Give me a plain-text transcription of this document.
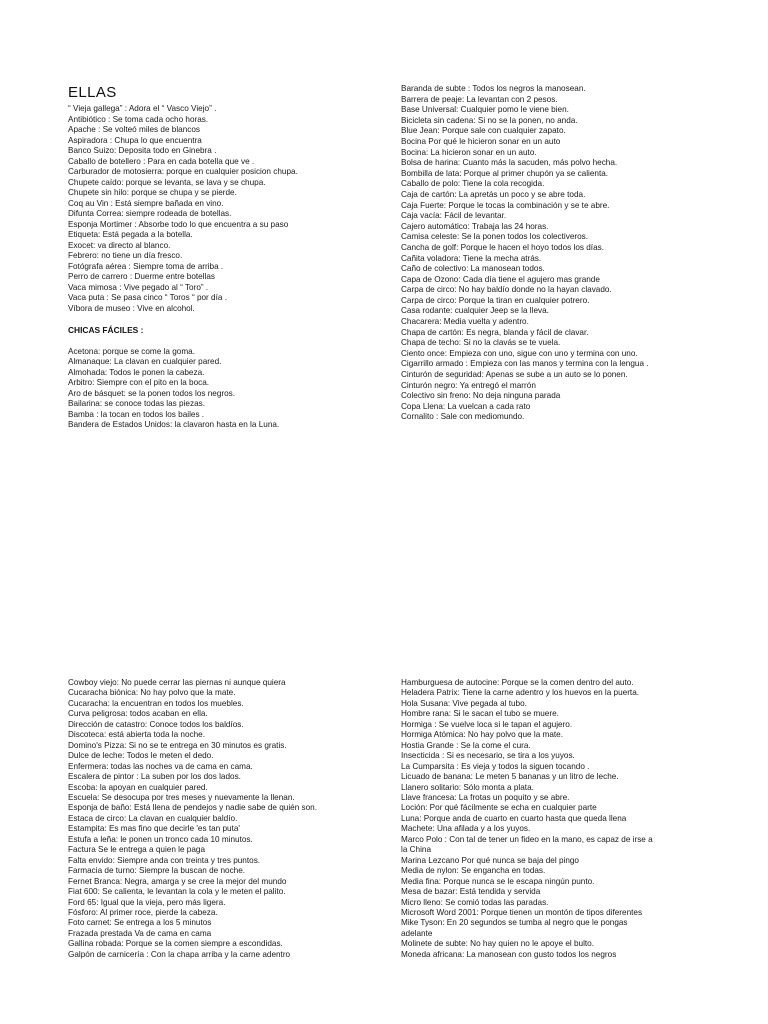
ELLAS
“ Vieja gallega” : Adora el “ Vasco Viejo” .
Antibiótico : Se toma cada ocho horas.
Apache : Se volteó miles de blancos
Aspiradora : Chupa lo que encuentra
Banco Suizo: Deposita todo en Ginebra .
Caballo de botellero : Para en cada botella que ve .
Carburador de motosierra: porque en cualquier posicion chupa.
Chupete caído: porque se levanta, se lava y se chupa.
Chupete sin hilo: porque se chupa y se pierde.
Coq au Vin : Está siempre bañada en vino.
Difunta Correa: siempre rodeada de botellas.
Esponja Mortimer : Absorbe todo lo que encuentra a su paso
Etiqueta: Está pegada a la botella.
Exocet: va directo al blanco.
Febrero: no tiene un día fresco.
Fotógrafa aérea : Siempre toma de arriba .
Perro de carrero : Duerme entre botellas
Vaca mimosa : Vive pegado al “ Toro” .
Vaca puta : Se pasa cinco “ Toros “ por día .
Víbora de museo : Vive en alcohol.
CHICAS FÁCILES :
Acetona: porque se come la goma.
Almanaque: La clavan en cualquier pared.
Almohada: Todos le ponen la cabeza.
Arbitro: Siempre con el pito en la boca.
Aro de básquet: se la ponen todos los negros.
Bailarina: se conoce todas las piezas.
Bamba : la tocan en todos los bailes .
Bandera de Estados Unidos: la clavaron hasta en la Luna.
Baranda de subte : Todos los negros la manosean.
Barrera de peaje: La levantan con 2 pesos.
Base Universal: Cualquier pomo le viene bien.
Bicicleta sin cadena: Si no se la ponen, no anda.
Blue Jean: Porque sale con cualquier zapato.
Bocina Por qué le hicieron sonar en un auto
Bocina: La hicieron sonar en un auto.
Bolsa de harina: Cuanto más la sacuden, más polvo hecha.
Bombilla de lata: Porque al primer chupón ya se calienta.
Caballo de polo: Tiene la cola recogida.
Caja de cartón: La apretás un poco y se abre toda.
Caja Fuerte: Porque le tocas la combinación y se te abre.
Caja vacía: Fácil de levantar.
Cajero automático: Trabaja las 24 horas.
Camisa celeste: Se la ponen todos los colectiveros.
Cancha de golf: Porque le hacen el hoyo todos los días.
Cañita voladora: Tiene la mecha atrás.
Caño de colectivo: La manosean todos.
Capa de Ozono: Cada día tiene el agujero mas grande
Carpa de circo: No hay baldío donde no la hayan clavado.
Carpa de circo: Porque la tiran en cualquier potrero.
Casa rodante: cualquier Jeep se la lleva.
Chacarera: Media vuelta y adentro.
Chapa de cartón: Es negra, blanda y fácil de clavar.
Chapa de techo: Si no la clavás se te vuela.
Ciento once: Empieza con uno, sigue con uno y termina con uno.
Cigarrillo armado : Empieza con las manos y termina con la lengua .
Cinturón de seguridad: Apenas se sube a un auto se lo ponen.
Cinturón negro: Ya entregó el marrón
Colectivo sin freno: No deja ninguna parada
Copa Llena: La vuelcan a cada rato
Cornalito : Sale con mediomundo.
Cowboy viejo: No puede cerrar las piernas ni aunque quiera
Cucaracha biónica: No hay polvo que la mate.
Cucaracha: la encuentran en todos los muebles.
Curva peligrosa: todos acaban en ella.
Dirección de catastro: Conoce todos los baldíos.
Discoteca: está abierta toda la noche.
Domino's Pizza: Si no se te entrega en 30 minutos es gratis.
Dulce de leche: Todos le meten el dedo.
Enfermera: todas las noches va de cama en cama.
Escalera de pintor : La suben por los dos lados.
Escoba: la apoyan en cualquier pared.
Escuela: Se desocupa por tres meses y nuevamente la llenan.
Esponja de baño: Está llena de pendejos y nadie sabe de quién son.
Estaca de circo: La clavan en cualquier baldío.
Estampita: Es mas fino que decirle 'es tan puta'
Estufa a leña: le ponen un tronco cada 10 minutos.
Factura Se le entrega a quien le paga
Falta envido: Siempre anda con treinta y tres puntos.
Farmacia de turno: Siempre la buscan de noche.
Fernet Branca: Negra, amarga y se cree la mejor del mundo
Fiat 600: Se calienta, le levantan la cola y le meten el palito.
Ford 65: Igual que la vieja, pero más ligera.
Fósforo: Al primer roce, pierde la cabeza.
Foto carnet: Se entrega a los 5 minutos
Frazada prestada Va de cama en cama
Gallina robada: Porque se la comen siempre a escondidas.
Galpón de carnicería : Con la chapa arriba y la carne adentro
Hamburguesa de autocine: Porque se la comen dentro del auto.
Heladera Patrix: Tiene la carne adentro y los huevos en la puerta.
Hola Susana: Vive pegada al tubo.
Hombre rana: Si le sacan el tubo se muere.
Hormiga : Se vuelve loca si le tapan el agujero.
Hormiga Atómica: No hay polvo que la mate.
Hostia Grande : Se la come el cura.
Insecticida : Si es necesario, se tira a los yuyos.
La Cumparsita : Es vieja y todos la siguen tocando .
Licuado de banana: Le meten 5 bananas y un litro de leche.
Llanero solitario: Sólo monta a plata.
Llave francesa: La frotas un poquito y se abre.
Loción: Por qué fácilmente se echa en cualquier parte
Luna: Porque anda de cuarto en cuarto hasta que queda llena
Machete: Una afilada y a los yuyos.
Marco Polo : Con tal de tener un fideo en la mano, es capaz de irse a
la China
Marina Lezcano Por qué nunca se baja del pingo
Media de nylon: Se engancha en todas.
Media fina: Porque nunca se le escapa ningún punto.
Mesa de bazar: Está tendida y servida
Micro lleno: Se comió todas las paradas.
Microsoft Word 2001: Porque tienen un montón de tipos diferentes
Mike Tyson: En 20 segundos se tumba al negro que le pongas
adelante
Molinete de subte: No hay quien no le apoye el bulto.
Moneda africana: La manosean con gusto todos los negros
